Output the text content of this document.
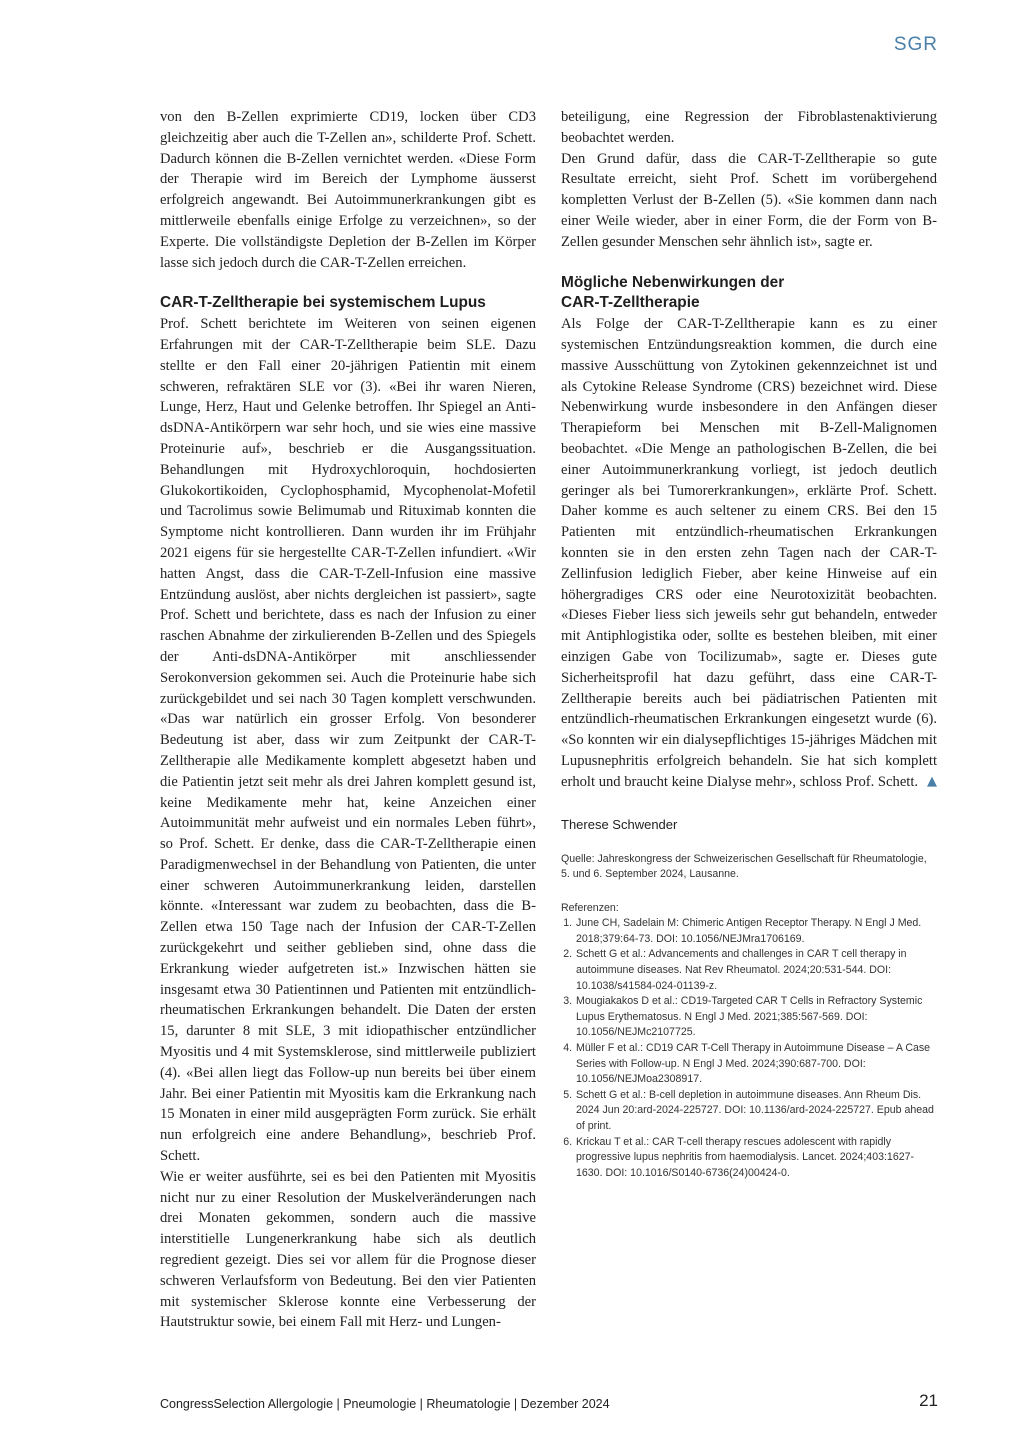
SGR

von den B-Zellen exprimierte CD19, locken über CD3 gleichzeitig aber auch die T-Zellen an», schilderte Prof. Schett. Dadurch können die B-Zellen vernichtet werden. «Diese Form der Therapie wird im Bereich der Lymphome äusserst erfolgreich angewandt. Bei Autoimmunerkrankungen gibt es mittlerweile ebenfalls einige Erfolge zu verzeichnen», so der Experte. Die vollständigste Depletion der B-Zellen im Körper lasse sich jedoch durch die CAR-T-Zellen erreichen.

CAR-T-Zelltherapie bei systemischem Lupus

Prof. Schett berichtete im Weiteren von seinen eigenen Erfahrungen mit der CAR-T-Zelltherapie beim SLE. Dazu stellte er den Fall einer 20-jährigen Patientin mit einem schweren, refraktären SLE vor (3). «Bei ihr waren Nieren, Lunge, Herz, Haut und Gelenke betroffen. Ihr Spiegel an Anti-dsDNA-Antikörpern war sehr hoch, und sie wies eine massive Proteinurie auf», beschrieb er die Ausgangssituation. Behandlungen mit Hydroxychloroquin, hochdosierten Glukokortikoiden, Cyclophosphamid, Mycophenolat-Mofetil und Tacrolimus sowie Belimumab und Rituximab konnten die Symptome nicht kontrollieren. Dann wurden ihr im Frühjahr 2021 eigens für sie hergestellte CAR-T-Zellen infundiert. «Wir hatten Angst, dass die CAR-T-Zell-Infusion eine massive Entzündung auslöst, aber nichts dergleichen ist passiert», sagte Prof. Schett und berichtete, dass es nach der Infusion zu einer raschen Abnahme der zirkulierenden B-Zellen und des Spiegels der Anti-dsDNA-Antikörper mit anschliessender Serokonversion gekommen sei. Auch die Proteinurie habe sich zurückgebildet und sei nach 30 Tagen komplett verschwunden. «Das war natürlich ein grosser Erfolg. Von besonderer Bedeutung ist aber, dass wir zum Zeitpunkt der CAR-T-Zelltherapie alle Medikamente komplett abgesetzt haben und die Patientin jetzt seit mehr als drei Jahren komplett gesund ist, keine Medikamente mehr hat, keine Anzeichen einer Autoimmunität mehr aufweist und ein normales Leben führt», so Prof. Schett. Er denke, dass die CAR-T-Zelltherapie einen Paradigmenwechsel in der Behandlung von Patienten, die unter einer schweren Autoimmunerkrankung leiden, darstellen könnte. «Interessant war zudem zu beobachten, dass die B-Zellen etwa 150 Tage nach der Infusion der CAR-T-Zellen zurückgekehrt und seither geblieben sind, ohne dass die Erkrankung wieder aufgetreten ist.» Inzwischen hätten sie insgesamt etwa 30 Patientinnen und Patienten mit entzündlich-rheumatischen Erkrankungen behandelt. Die Daten der ersten 15, darunter 8 mit SLE, 3 mit idiopathischer entzündlicher Myositis und 4 mit Systemsklerose, sind mittlerweile publiziert (4). «Bei allen liegt das Follow-up nun bereits bei über einem Jahr. Bei einer Patientin mit Myositis kam die Erkrankung nach 15 Monaten in einer mild ausgeprägten Form zurück. Sie erhält nun erfolgreich eine andere Behandlung», beschrieb Prof. Schett.

Wie er weiter ausführte, sei es bei den Patienten mit Myositis nicht nur zu einer Resolution der Muskelveränderungen nach drei Monaten gekommen, sondern auch die massive interstitielle Lungenerkrankung habe sich als deutlich regredient gezeigt. Dies sei vor allem für die Prognose dieser schweren Verlaufsform von Bedeutung. Bei den vier Patienten mit systemischer Sklerose konnte eine Verbesserung der Hautstruktur sowie, bei einem Fall mit Herz- und Lungen-

beteiligung, eine Regression der Fibroblastenaktivierung beobachtet werden.

Den Grund dafür, dass die CAR-T-Zelltherapie so gute Resultate erreicht, sieht Prof. Schett im vorübergehend kompletten Verlust der B-Zellen (5). «Sie kommen dann nach einer Weile wieder, aber in einer Form, die der Form von B-Zellen gesunder Menschen sehr ähnlich ist», sagte er.

Mögliche Nebenwirkungen der
CAR-T-Zelltherapie

Als Folge der CAR-T-Zelltherapie kann es zu einer systemischen Entzündungsreaktion kommen, die durch eine massive Ausschüttung von Zytokinen gekennzeichnet ist und als Cytokine Release Syndrome (CRS) bezeichnet wird. Diese Nebenwirkung wurde insbesondere in den Anfängen dieser Therapieform bei Menschen mit B-Zell-Malignomen beobachtet. «Die Menge an pathologischen B-Zellen, die bei einer Autoimmunerkrankung vorliegt, ist jedoch deutlich geringer als bei Tumorerkrankungen», erklärte Prof. Schett. Daher komme es auch seltener zu einem CRS. Bei den 15 Patienten mit entzündlich-rheumatischen Erkrankungen konnten sie in den ersten zehn Tagen nach der CAR-T-Zellinfusion lediglich Fieber, aber keine Hinweise auf ein höhergradiges CRS oder eine Neurotoxizität beobachten. «Dieses Fieber liess sich jeweils sehr gut behandeln, entweder mit Antiphlogistika oder, sollte es bestehen bleiben, mit einer einzigen Gabe von Tocilizumab», sagte er. Dieses gute Sicherheitsprofil hat dazu geführt, dass eine CAR-T-Zelltherapie bereits auch bei pädiatrischen Patienten mit entzündlich-rheumatischen Erkrankungen eingesetzt wurde (6). «So konnten wir ein dialysepflichtiges 15-jähriges Mädchen mit Lupusnephritis erfolgreich behandeln. Sie hat sich komplett erholt und braucht keine Dialyse mehr», schloss Prof. Schett. ▲

Therese Schwender
Quelle: Jahreskongress der Schweizerischen Gesellschaft für Rheumatologie, 5. und 6. September 2024, Lausanne.
Referenzen:
1. June CH, Sadelain M: Chimeric Antigen Receptor Therapy. N Engl J Med. 2018;379:64-73. DOI: 10.1056/NEJMra1706169.
2. Schett G et al.: Advancements and challenges in CAR T cell therapy in autoimmune diseases. Nat Rev Rheumatol. 2024;20:531-544. DOI: 10.1038/s41584-024-01139-z.
3. Mougiakakos D et al.: CD19-Targeted CAR T Cells in Refractory Systemic Lupus Erythematosus. N Engl J Med. 2021;385:567-569. DOI: 10.1056/NEJMc2107725.
4. Müller F et al.: CD19 CAR T-Cell Therapy in Autoimmune Disease – A Case Series with Follow-up. N Engl J Med. 2024;390:687-700. DOI: 10.1056/NEJMoa2308917.
5. Schett G et al.: B-cell depletion in autoimmune diseases. Ann Rheum Dis. 2024 Jun 20:ard-2024-225727. DOI: 10.1136/ard-2024-225727. Epub ahead of print.
6. Krickau T et al.: CAR T-cell therapy rescues adolescent with rapidly progressive lupus nephritis from haemodialysis. Lancet. 2024;403:1627-1630. DOI: 10.1016/S0140-6736(24)00424-0.
CongressSelection Allergologie | Pneumologie | Rheumatologie | Dezember 2024	21
